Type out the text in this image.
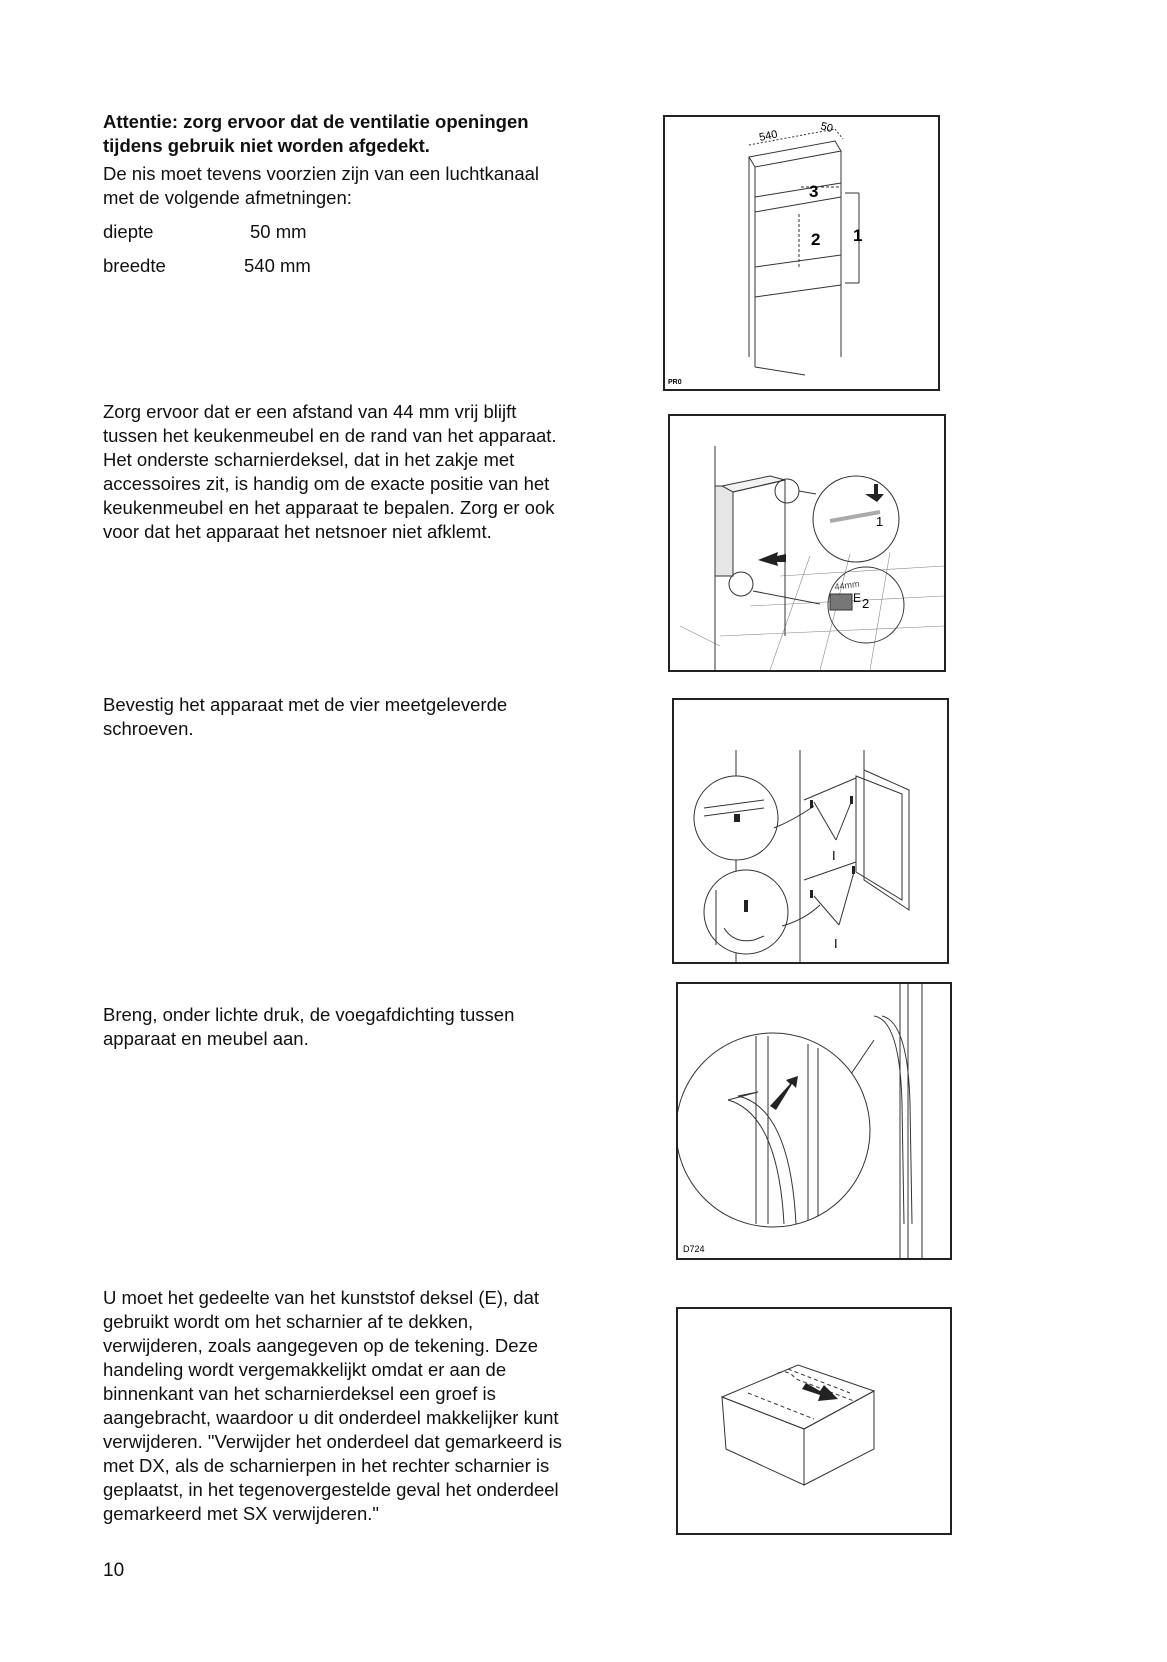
Attentie: zorg ervoor dat de ventilatie openingen tijdens gebruik niet worden afgedekt.

De nis moet tevens voorzien zijn van een luchtkanaal met de volgende afmetningen:

diepte	50 mm
breedte	540 mm

Zorg ervoor dat er een afstand van 44 mm vrij blijft tussen het keukenmeubel en de rand van het apparaat. Het onderste scharnierdeksel, dat in het zakje met accessoires zit, is handig om de exacte positie van het keukenmeubel en het apparaat te bepalen. Zorg er ook voor dat het apparaat het netsnoer niet afklemt.

Bevestig het apparaat met de vier meetgeleverde schroeven.

Breng, onder lichte druk, de voegafdichting tussen apparaat en meubel aan.

U moet het gedeelte van het kunststof deksel (E), dat gebruikt wordt om het scharnier af te dekken, verwijderen, zoals aangegeven op de tekening. Deze handeling wordt vergemakkelijkt omdat er aan de binnenkant van het scharnierdeksel een groef is aangebracht, waardoor u dit onderdeel makkelijker kunt verwijderen. "Verwijder het onderdeel dat gemarkeerd is met DX, als de scharnierpen in het rechter scharnier is geplaatst, in het tegenovergestelde geval het onderdeel gemarkeerd met SX verwijderen."

10
540
50
3
2 1
PR0
44mm
1
E 2
I
I
D724
